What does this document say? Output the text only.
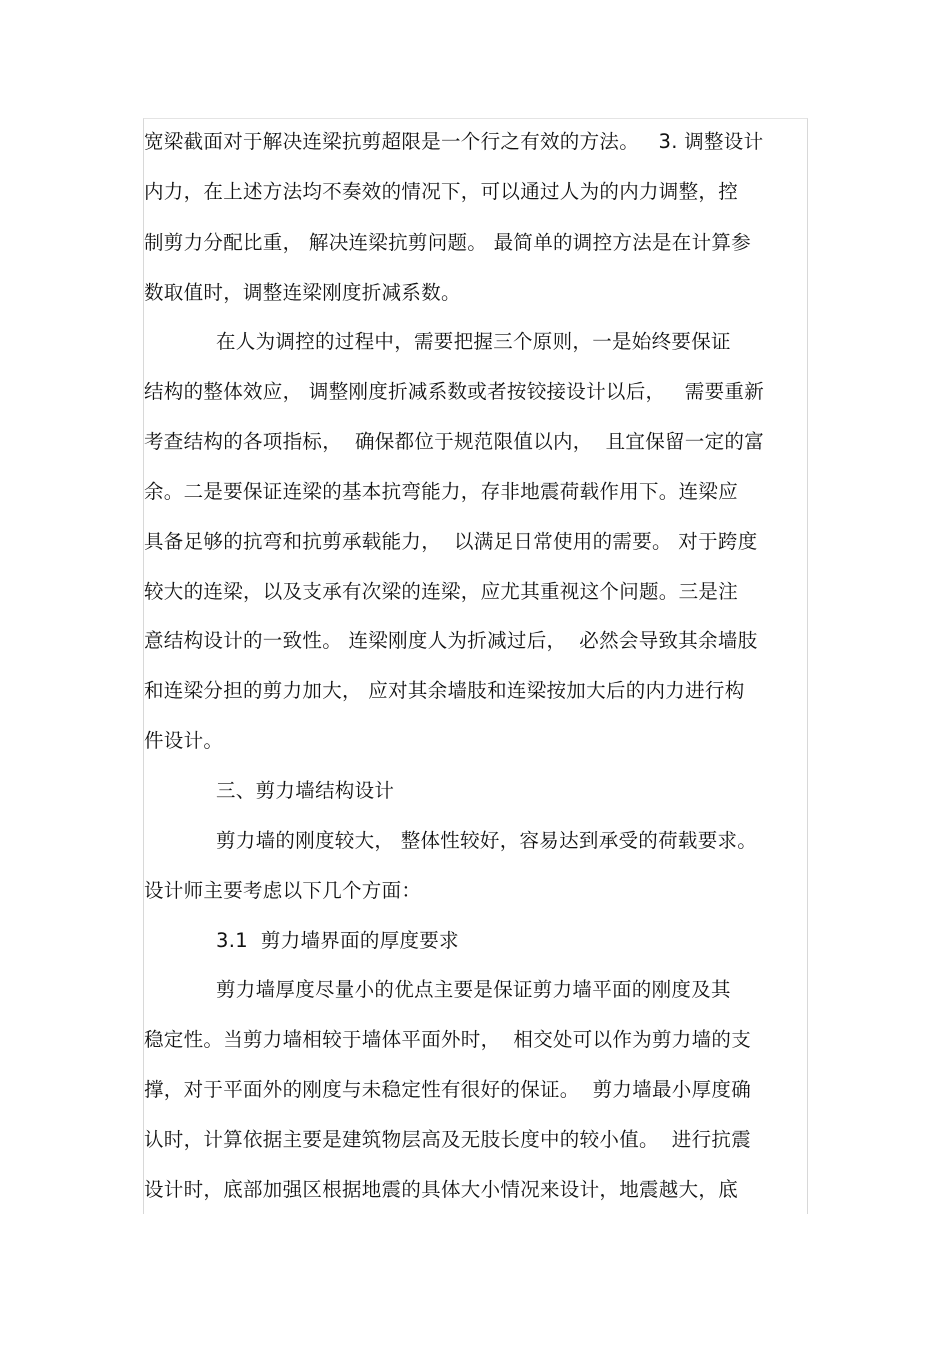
宽梁截面对于解决连梁抗剪超限是一个行之有效的方法。   3. 调整设计
内力，在上述方法均不奏效的情况下，可以通过人为的内力调整，控
制剪力分配比重， 解决连梁抗剪问题。 最简单的调控方法是在计算参
数取值时，调整连梁刚度折减系数。
在人为调控的过程中，需要把握三个原则，一是始终要保证
结构的整体效应， 调整刚度折减系数或者按铰接设计以后，   需要重新
考查结构的各项指标，  确保都位于规范限值以内，  且宜保留一定的富
余。二是要保证连梁的基本抗弯能力，存非地震荷载作用下。连梁应
具备足够的抗弯和抗剪承载能力，  以满足日常使用的需要。 对于跨度
较大的连梁，以及支承有次梁的连梁，应尤其重视这个问题。三是注
意结构设计的一致性。 连梁刚度人为折减过后，  必然会导致其余墙肢
和连梁分担的剪力加大， 应对其余墙肢和连梁按加大后的内力进行构
件设计。
三、剪力墙结构设计
剪力墙的刚度较大， 整体性较好，容易达到承受的荷载要求。
设计师主要考虑以下几个方面：
3.1  剪力墙界面的厚度要求
剪力墙厚度尽量小的优点主要是保证剪力墙平面的刚度及其
稳定性。当剪力墙相较于墙体平面外时，  相交处可以作为剪力墙的支
撑，对于平面外的刚度与未稳定性有很好的保证。  剪力墙最小厚度确
认时，计算依据主要是建筑物层高及无肢长度中的较小值。  进行抗震
设计时，底部加强区根据地震的具体大小情况来设计，地震越大，底
